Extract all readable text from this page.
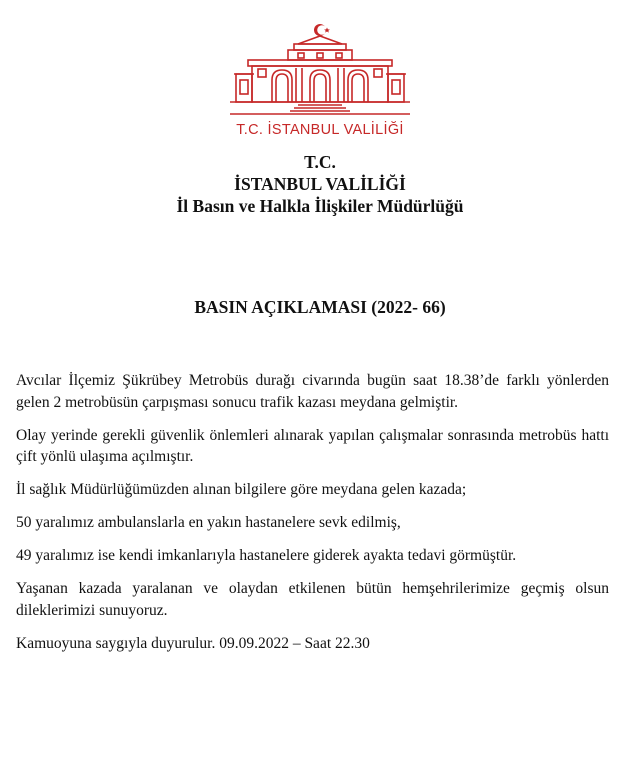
T.C. İSTANBUL VALİLİĞİ
T.C.
İSTANBUL VALİLİĞİ
İl Basın ve Halkla İlişkiler Müdürlüğü
BASIN AÇIKLAMASI (2022- 66)

Avcılar İlçemiz Şükrübey Metrobüs durağı civarında bugün saat 18.38’de farklı yönlerden gelen 2 metrobüsün çarpışması sonucu trafik kazası meydana gelmiştir.

Olay yerinde gerekli güvenlik önlemleri alınarak yapılan çalışmalar sonrasında metrobüs hattı çift yönlü ulaşıma açılmıştır.

İl sağlık Müdürlüğümüzden alınan bilgilere göre meydana gelen kazada;

50 yaralımız ambulanslarla en yakın hastanelere sevk edilmiş,

49 yaralımız ise kendi imkanlarıyla hastanelere giderek ayakta tedavi görmüştür.

Yaşanan kazada yaralanan ve olaydan etkilenen bütün hemşehrilerimize geçmiş olsun dileklerimizi sunuyoruz.

Kamuoyuna saygıyla duyurulur. 09.09.2022 – Saat 22.30
